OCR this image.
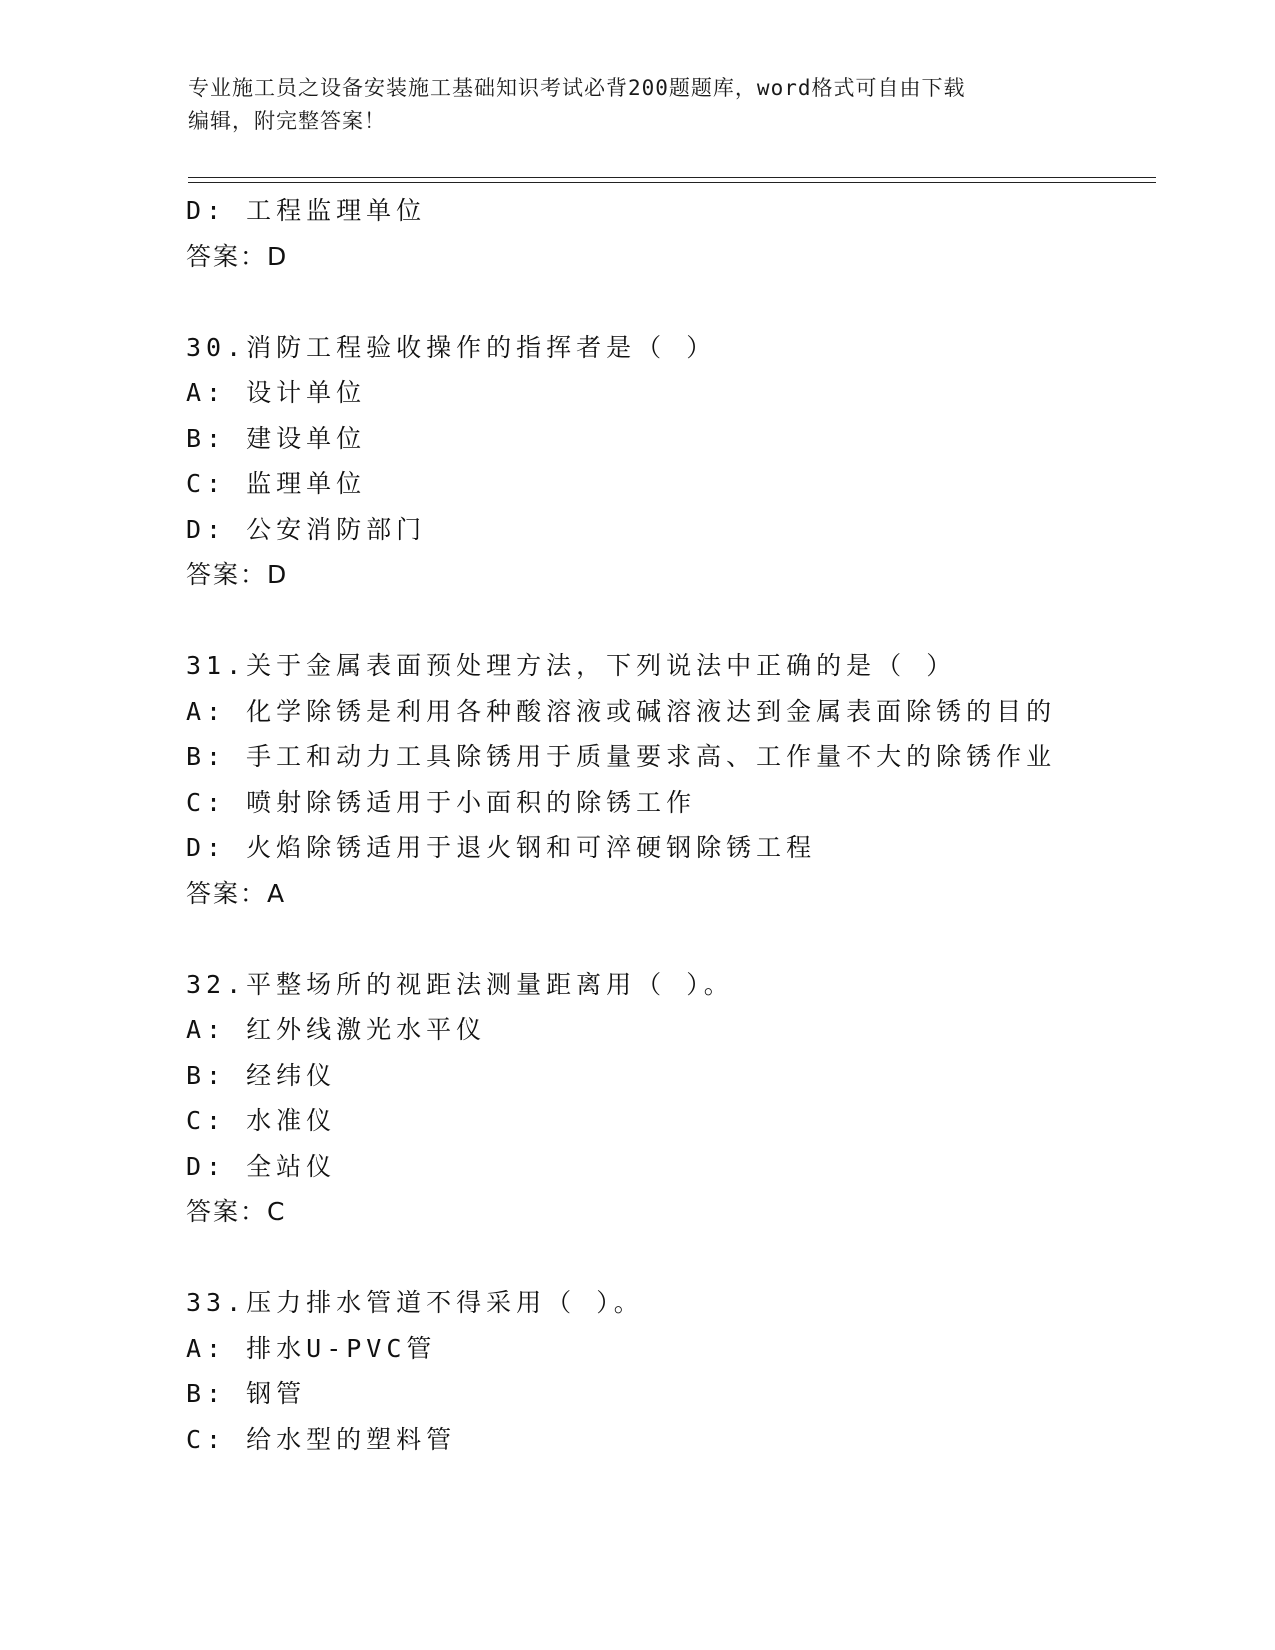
专业施工员之设备安装施工基础知识考试必背200题题库，word格式可自由下载
编辑，附完整答案！
D: 工程监理单位
答案：D
30.消防工程验收操作的指挥者是（ ）
A: 设计单位
B: 建设单位
C: 监理单位
D: 公安消防部门
答案：D
31.关于金属表面预处理方法，下列说法中正确的是（ ）
A: 化学除锈是利用各种酸溶液或碱溶液达到金属表面除锈的目的
B: 手工和动力工具除锈用于质量要求高、工作量不大的除锈作业
C: 喷射除锈适用于小面积的除锈工作
D: 火焰除锈适用于退火钢和可淬硬钢除锈工程
答案：A
32.平整场所的视距法测量距离用（ ）。
A: 红外线激光水平仪
B: 经纬仪
C: 水准仪
D: 全站仪
答案：C
33.压力排水管道不得采用（ ）。
A: 排水U-PVC管
B: 钢管
C: 给水型的塑料管
